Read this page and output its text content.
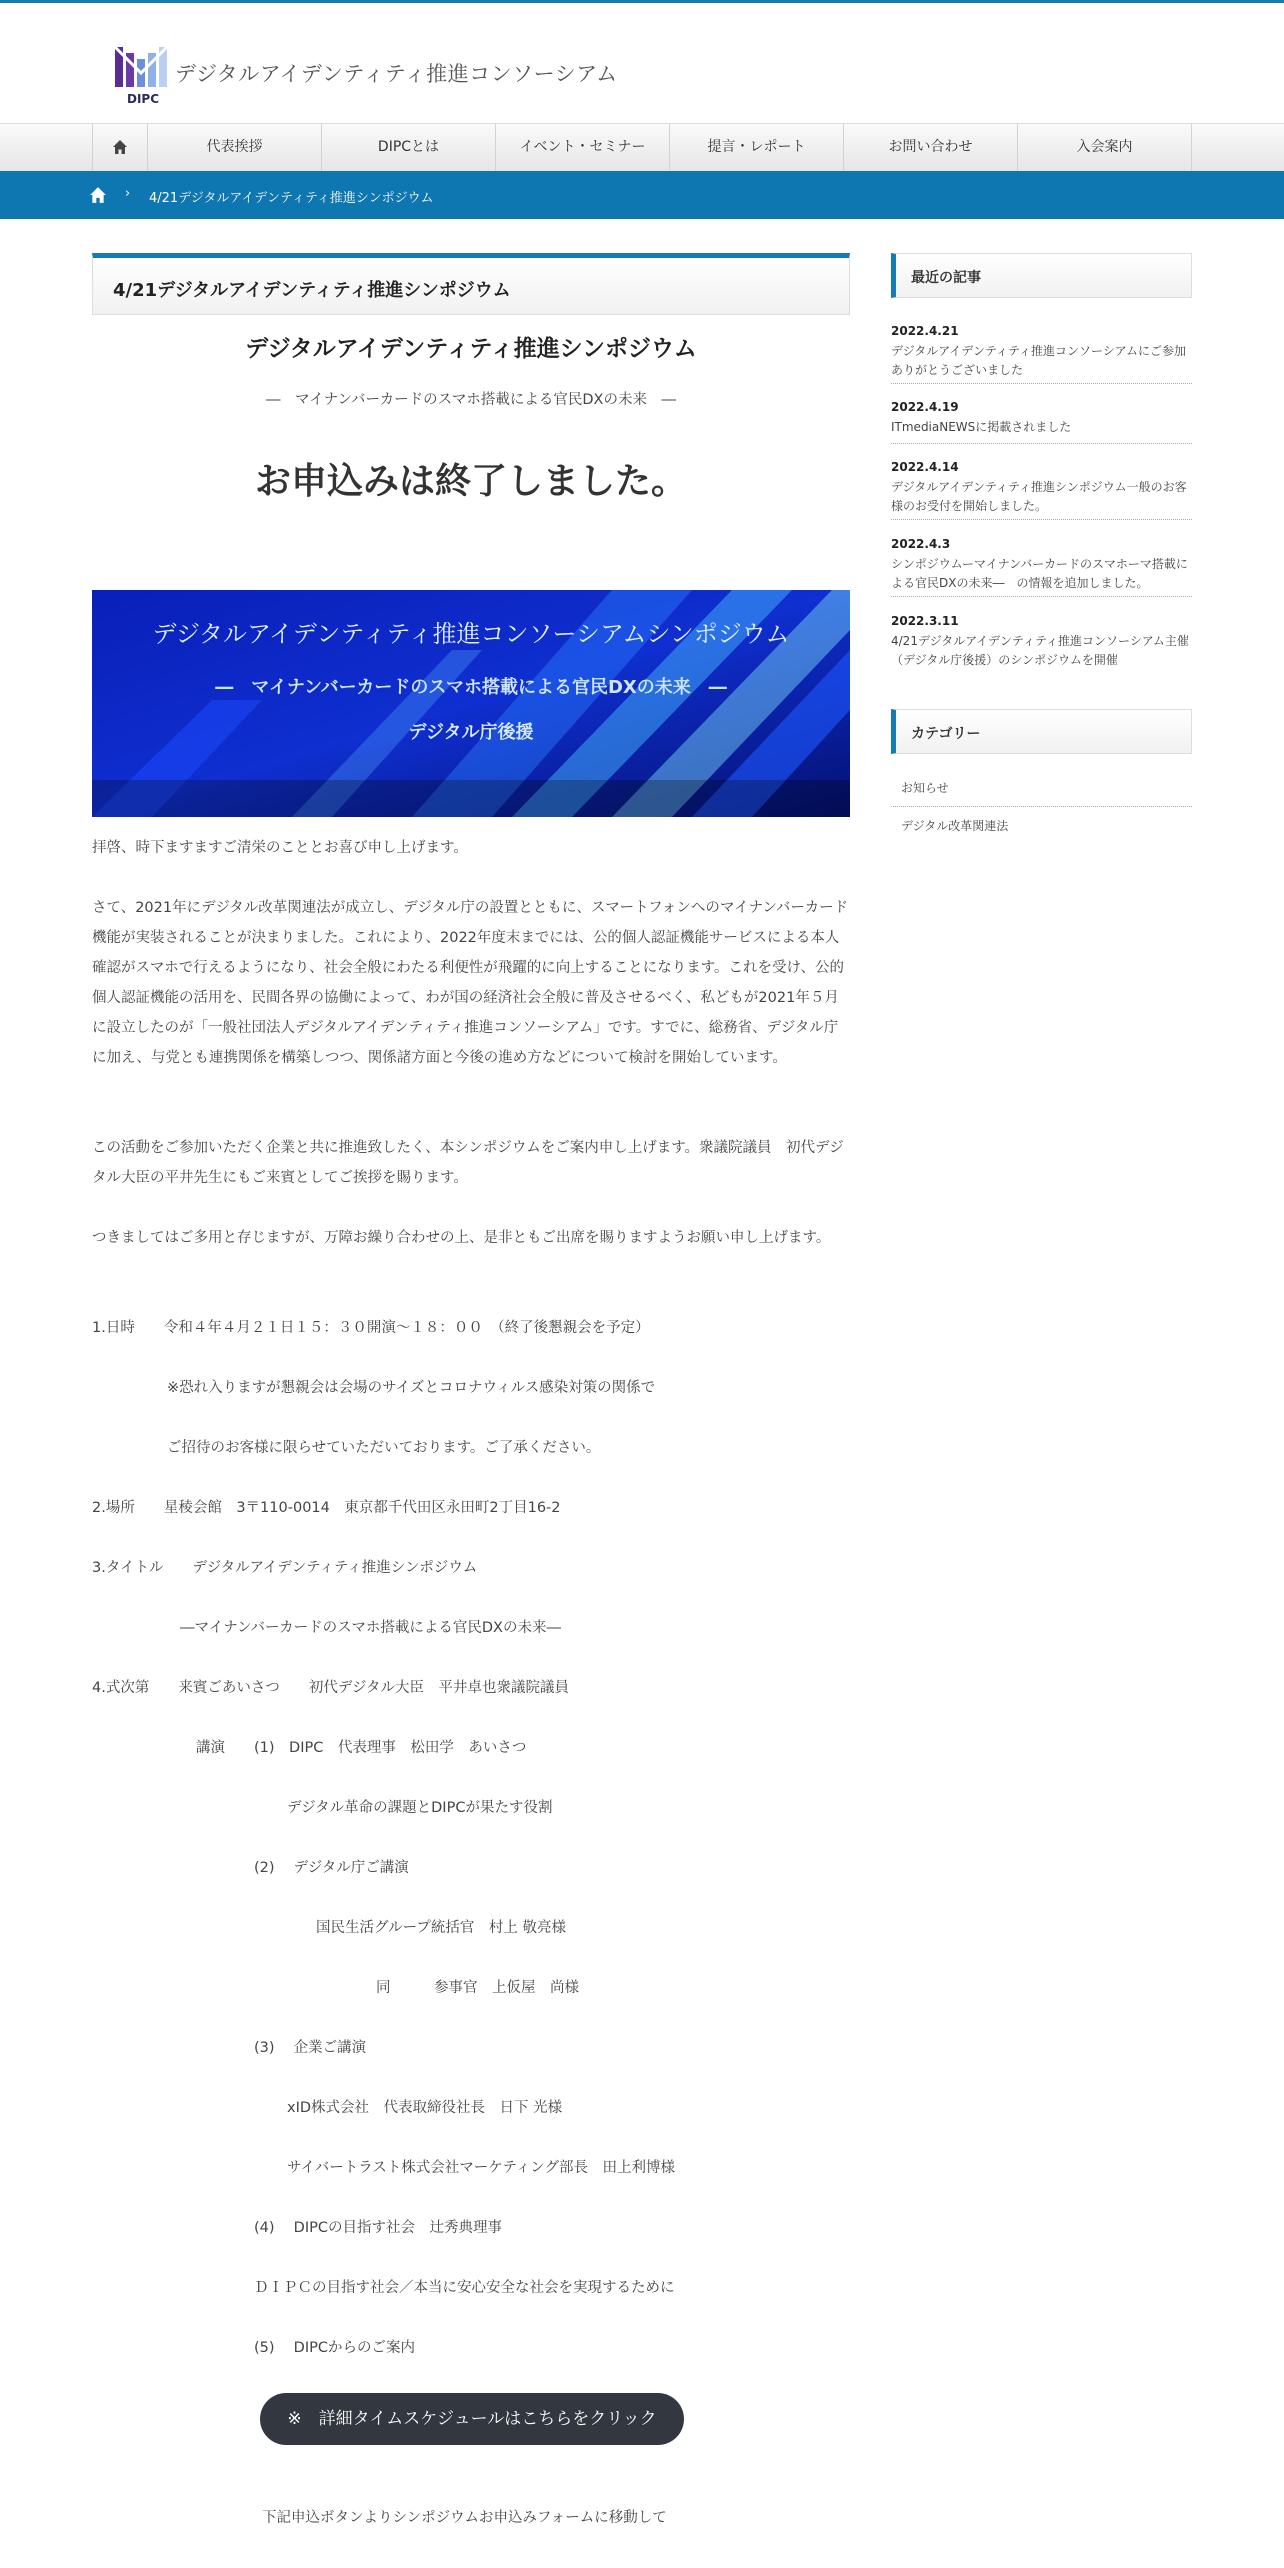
DIPC
デジタルアイデンティティ推進コンソーシアム
代表挨拶	DIPCとは	イベント・セミナー	提言・レポート	お問い合わせ	入会案内
› 4/21デジタルアイデンティティ推進シンポジウム
4/21デジタルアイデンティティ推進シンポジウム
デジタルアイデンティティ推進シンポジウム
―　マイナンバーカードのスマホ搭載による官民DXの未来　―
お申込みは終了しました。
デジタルアイデンティティ推進コンソーシアムシンポジウム
―　マイナンバーカードのスマホ搭載による官民DXの未来　―
デジタル庁後援

拝啓、時下ますますご清栄のこととお喜び申し上げます。

さて、2021年にデジタル改革関連法が成立し、デジタル庁の設置とともに、スマートフォンへのマイナンバーカード機能が実装されることが決まりました。これにより、2022年度末までには、公的個人認証機能サービスによる本人確認がスマホで行えるようになり、社会全般にわたる利便性が飛躍的に向上することになります。これを受け、公的個人認証機能の活用を、民間各界の協働によって、わが国の経済社会全般に普及させるべく、私どもが2021年５月に設立したのが「一般社団法人デジタルアイデンティティ推進コンソーシアム」です。すでに、総務省、デジタル庁に加え、与党とも連携関係を構築しつつ、関係諸方面と今後の進め方などについて検討を開始しています。

この活動をご参加いただく企業と共に推進致したく、本シンポジウムをご案内申し上げます。衆議院議員　初代デジタル大臣の平井先生にもご来賓としてご挨拶を賜ります。

つきましてはご多用と存じますが、万障お繰り合わせの上、是非ともご出席を賜りますようお願い申し上げます。

1.日時　　令和４年４月２１日１５：３０開演～１８：００　（終了後懇親会を予定）

※恐れ入りますが懇親会は会場のサイズとコロナウィルス感染対策の関係で

ご招待のお客様に限らせていただいております。ご了承ください。

2.場所　　星稜会館　3〒110-0014　東京都千代田区永田町2丁目16-2

3.タイトル　　デジタルアイデンティティ推進シンポジウム

―マイナンバーカードのスマホ搭載による官民DXの未来―

4.式次第　　来賓ごあいさつ　　初代デジタル大臣　平井卓也衆議院議員

講演　　(1)　DIPC　代表理事　松田学　あいさつ

デジタル革命の課題とDIPCが果たす役割

(2)　 デジタル庁ご講演

国民生活グループ統括官　村上 敬亮様

同　　　参事官　上仮屋　尚様

(3)　 企業ご講演

xID株式会社　代表取締役社長　日下 光様

サイバートラスト株式会社マーケティング部長　田上利博様

(4)　 DIPCの目指す社会　辻秀典理事

ＤＩＰＣの目指す社会／本当に安心安全な社会を実現するために

(5)　 DIPCからのご案内

※　詳細タイムスケジュールはこちらをクリック

下記申込ボタンよりシンポジウムお申込みフォームに移動して

最近の記事
2022.4.21
デジタルアイデンティティ推進コンソーシアムにご参加ありがとうございました
2022.4.19
ITmediaNEWSに掲載されました
2022.4.14
デジタルアイデンティティ推進シンポジウム一般のお客様のお受付を開始しました。
2022.4.3
シンポジウムーマイナンバーカードのスマホーマ搭載による官民DXの未来―　の情報を追加しました。
2022.3.11
4/21デジタルアイデンティティ推進コンソーシアム主催（デジタル庁後援）のシンポジウムを開催
カテゴリー
お知らせ
デジタル改革関連法
